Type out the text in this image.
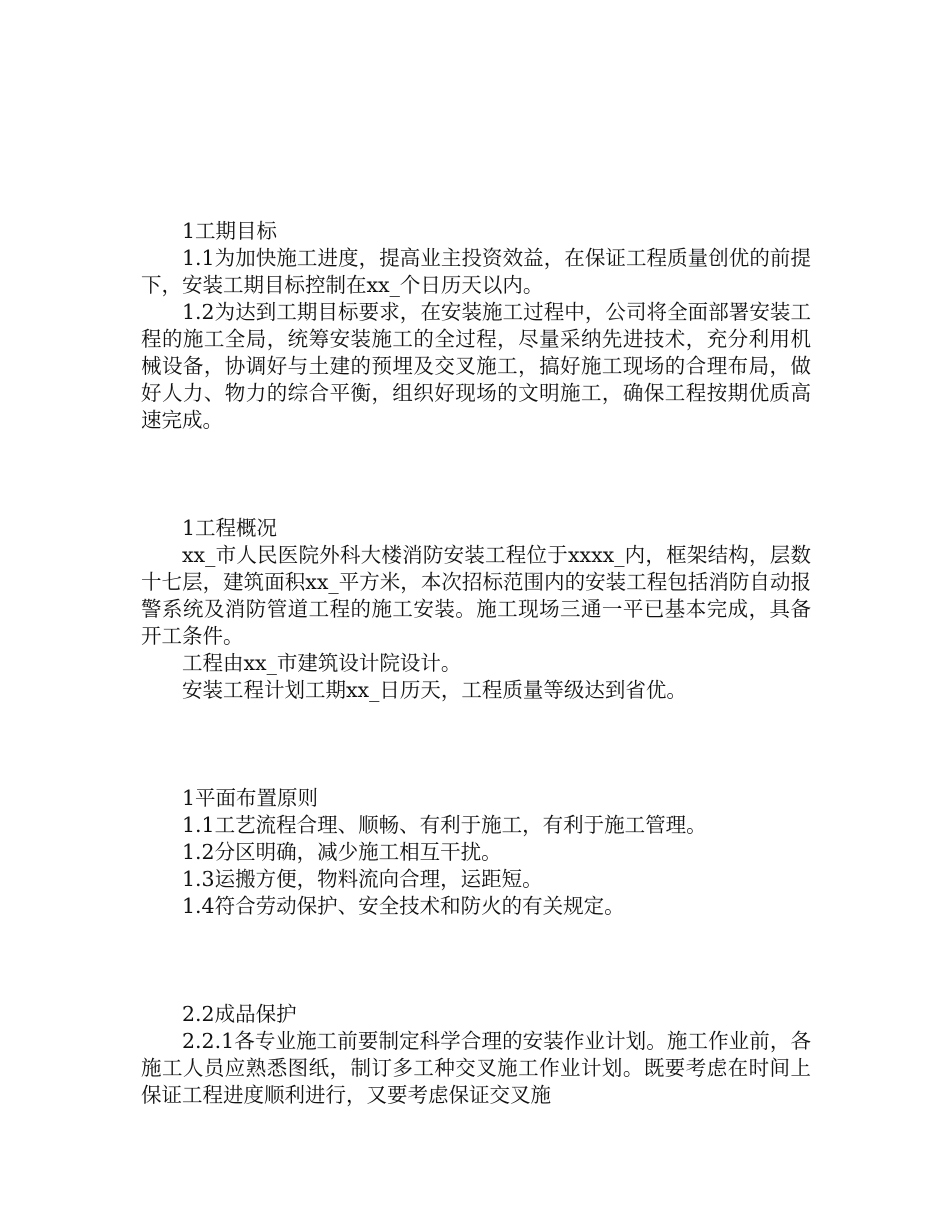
1工期目标

1.1为加快施工进度，提高业主投资效益，在保证工程质量创优的前提下，安装工期目标控制在xx_个日历天以内。

1.2为达到工期目标要求，在安装施工过程中，公司将全面部署安装工程的施工全局，统筹安装施工的全过程，尽量采纳先进技术，充分利用机械设备，协调好与土建的预埋及交叉施工，搞好施工现场的合理布局，做好人力、物力的综合平衡，组织好现场的文明施工，确保工程按期优质高速完成。

1工程概况

xx_市人民医院外科大楼消防安装工程位于xxxx_内，框架结构，层数十七层，建筑面积xx_平方米，本次招标范围内的安装工程包括消防自动报警系统及消防管道工程的施工安装。施工现场三通一平已基本完成，具备开工条件。

工程由xx_市建筑设计院设计。

安装工程计划工期xx_日历天，工程质量等级达到省优。

1平面布置原则

1.1工艺流程合理、顺畅、有利于施工，有利于施工管理。

1.2分区明确，减少施工相互干扰。

1.3运搬方便，物料流向合理，运距短。

1.4符合劳动保护、安全技术和防火的有关规定。

2.2成品保护

2.2.1各专业施工前要制定科学合理的安装作业计划。施工作业前，各施工人员应熟悉图纸，制订多工种交叉施工作业计划。既要考虑在时间上保证工程进度顺利进行，又要考虑保证交叉施
